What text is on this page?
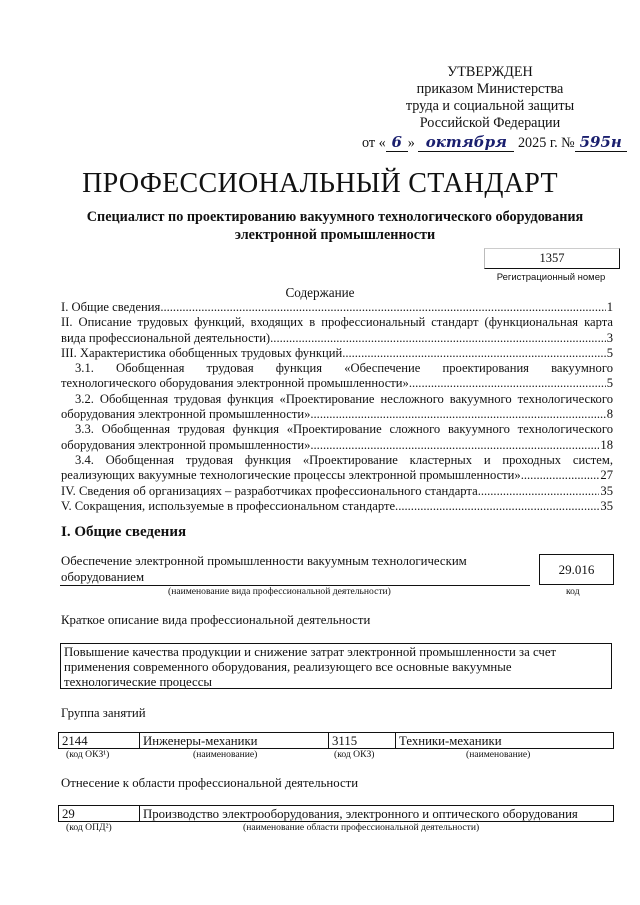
УТВЕРЖДЕН
приказом Министерства
труда и социальной защиты
Российской Федерации
от « 6 » октября 2025 г. № 595н
ПРОФЕССИОНАЛЬНЫЙ СТАНДАРТ
Специалист по проектированию вакуумного технологического оборудования
электронной промышленности
1357
Регистрационный номер
Содержание
I. Общие сведения .....	1
II. Описание трудовых функций, входящих в профессиональный стандарт (функциональная карта
вида профессиональной деятельности) .....	3
III. Характеристика обобщенных трудовых функций .....	5
3.1. Обобщенная трудовая функция «Обеспечение проектирования вакуумного
технологического оборудования электронной промышленности» .....	5
3.2. Обобщенная трудовая функция «Проектирование несложного вакуумного технологического
оборудования электронной промышленности» .....	8
3.3. Обобщенная трудовая функция «Проектирование сложного вакуумного технологического
оборудования электронной промышленности» .....	18
3.4. Обобщенная трудовая функция «Проектирование кластерных и проходных систем,
реализующих вакуумные технологические процессы электронной промышленности» .....	27
IV. Сведения об организациях – разработчиках профессионального стандарта .....	35
V. Сокращения, используемые в профессиональном стандарте .....	35
I. Общие сведения
Обеспечение электронной промышленности вакуумным технологическим
оборудованием
(наименование вида профессиональной деятельности)
29.016
код
Краткое описание вида профессиональной деятельности
Повышение качества продукции и снижение затрат электронной промышленности за счет
применения современного оборудования, реализующего все основные вакуумные
технологические процессы
Группа занятий
2144	Инженеры-механики	3115	Техники-механики
(код ОКЗ¹)	(наименование)	(код ОКЗ)	(наименование)
Отнесение к области профессиональной деятельности
29	Производство электрооборудования, электронного и оптического оборудования
(код ОПД²)	(наименование области профессиональной деятельности)
